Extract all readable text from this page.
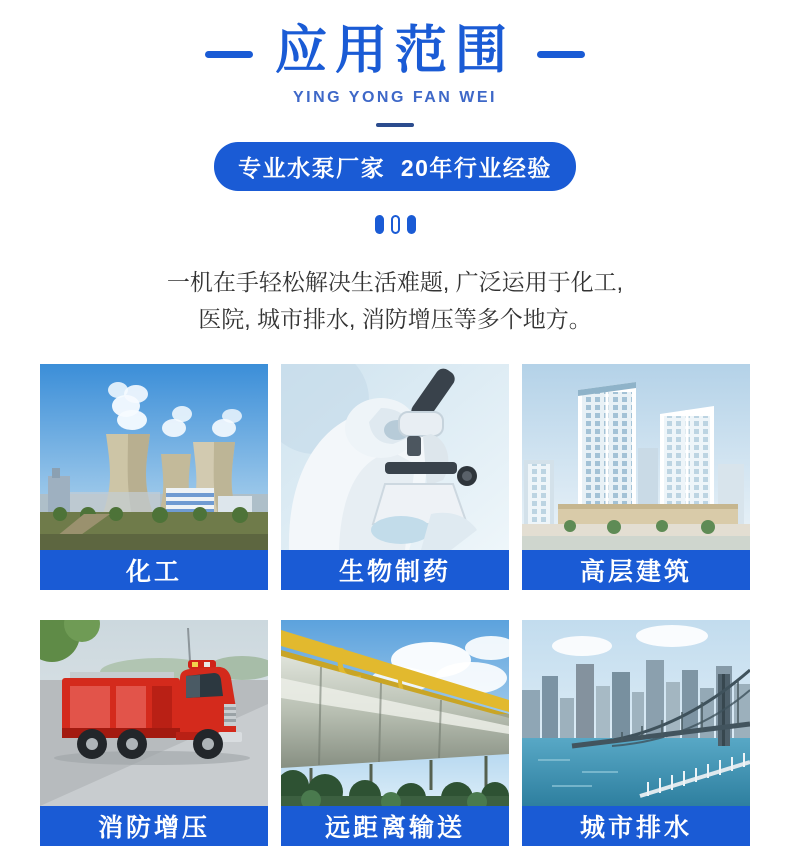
应用范围
YING YONG FAN WEI
专业水泵厂家  20年行业经验
一机在手轻松解决生活难题, 广泛运用于化工,
医院, 城市排水, 消防增压等多个地方。
化工	生物制药	高层建筑
消防增压	远距离输送	城市排水
